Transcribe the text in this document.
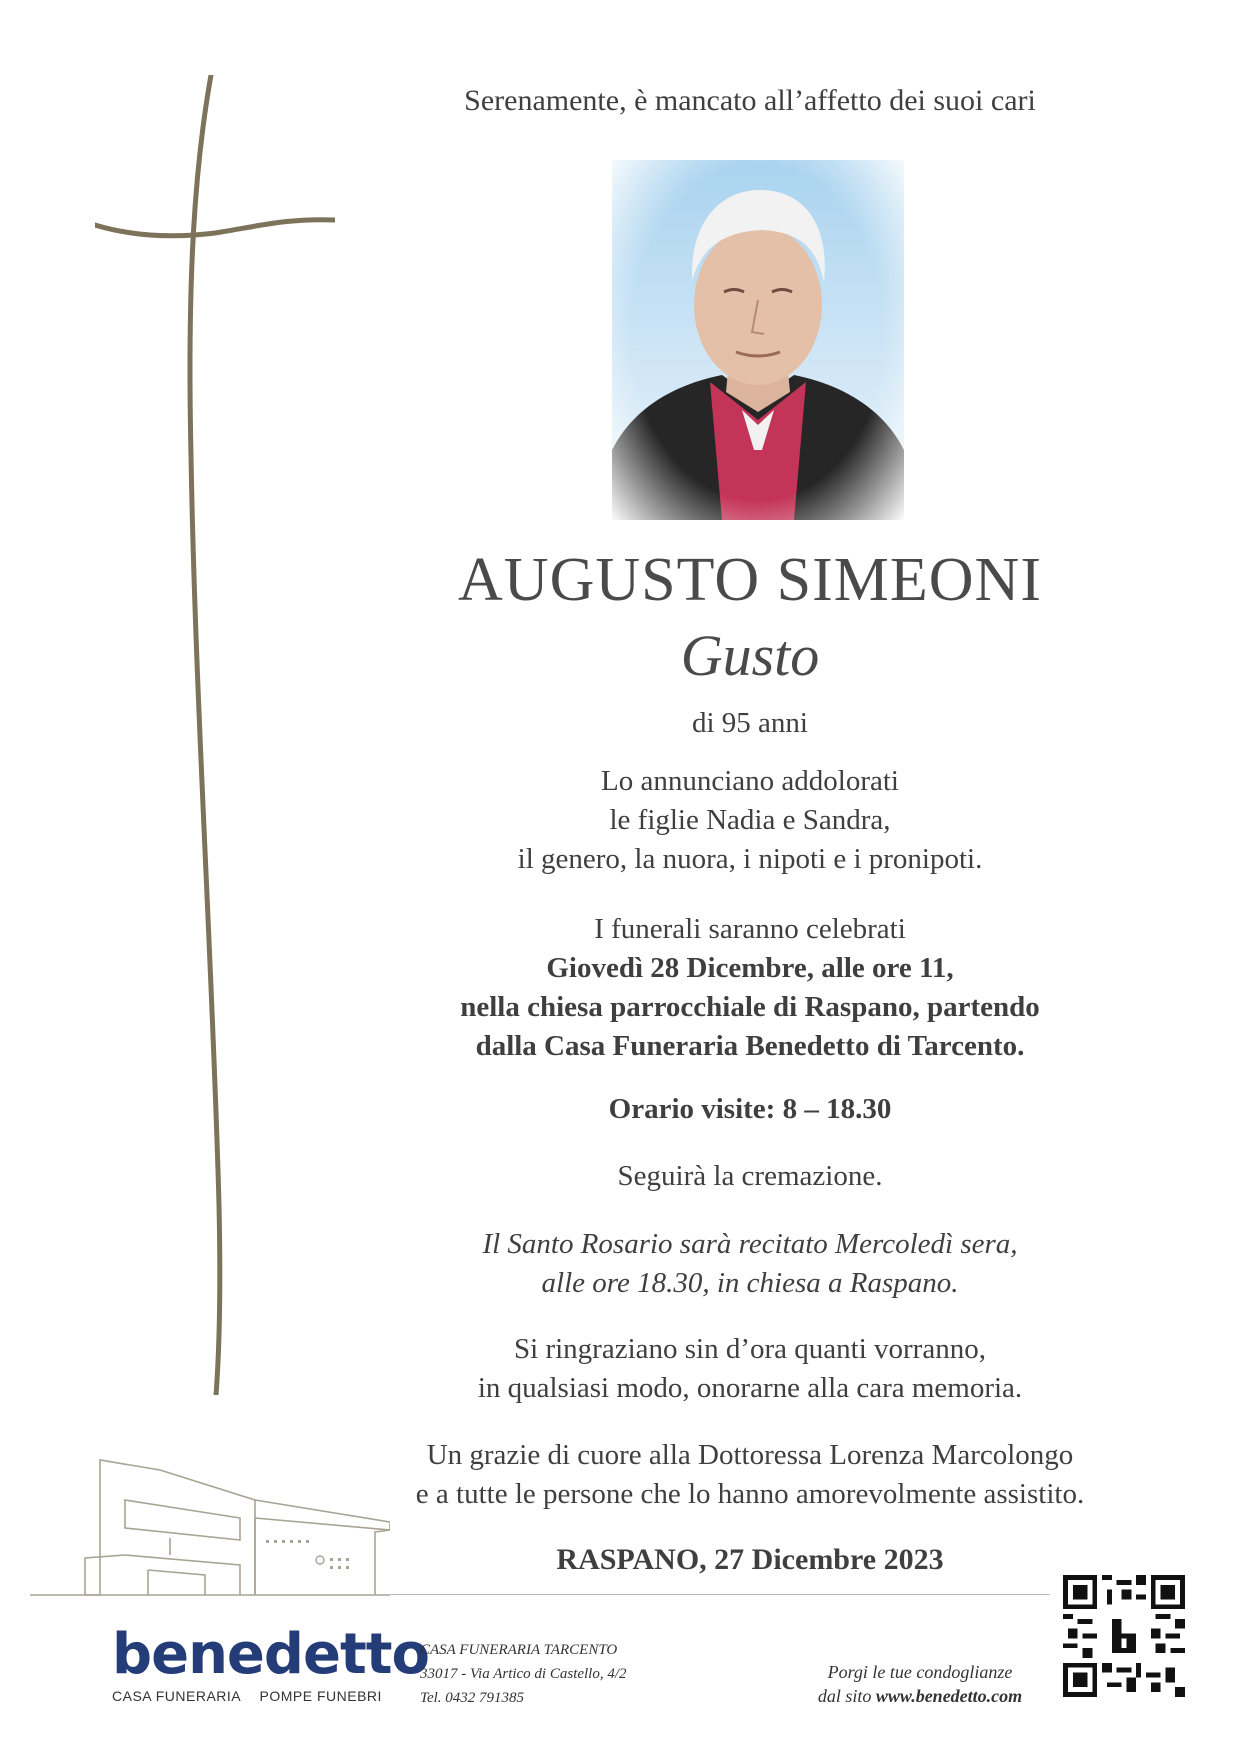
Serenamente, è mancato all’affetto dei suoi cari
AUGUSTO SIMEONI
Gusto
di 95 anni
Lo annunciano addolorati
le figlie Nadia e Sandra,
il genero, la nuora, i nipoti e i pronipoti.
I funerali saranno celebrati
Giovedì 28 Dicembre, alle ore 11,
nella chiesa parrocchiale di Raspano, partendo
dalla Casa Funeraria Benedetto di Tarcento.
Orario visite: 8 – 18.30
Seguirà la cremazione.
Il Santo Rosario sarà recitato Mercoledì sera,
alle ore 18.30, in chiesa a Raspano.
Si ringraziano sin d’ora quanti vorranno,
in qualsiasi modo, onorarne alla cara memoria.
Un grazie di cuore alla Dottoressa Lorenza Marcolongo
e a tutte le persone che lo hanno amorevolmente assistito.
RASPANO, 27 Dicembre 2023
benedetto
CASA FUNERARIA POMPE FUNEBRI
CASA FUNERARIA TARCENTO
33017 - Via Artico di Castello, 4/2
Tel. 0432 791385
Porgi le tue condoglianze
dal sito www.benedetto.com
